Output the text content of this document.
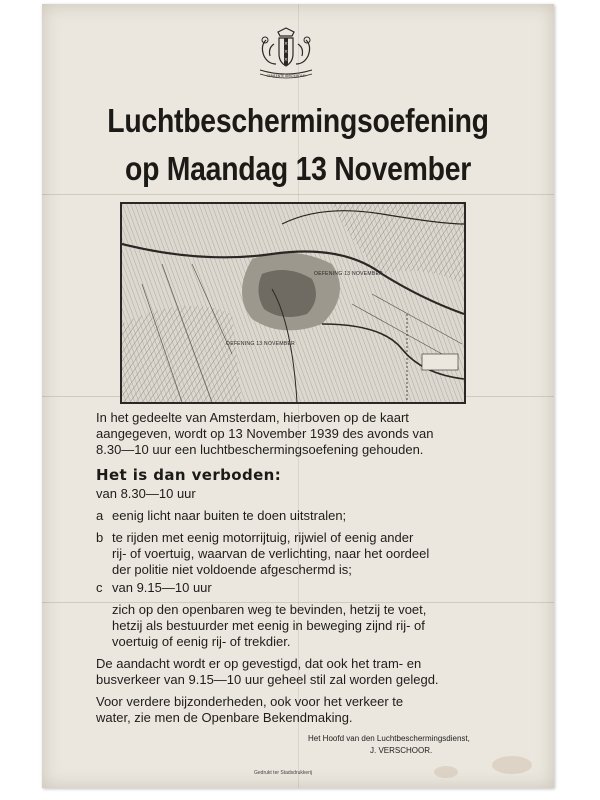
×
×
×
GEMEENTE AMSTERDAM
Luchtbeschermingsoefening
op Maandag 13 November
OEFENING 13 NOVEMBER
OEFENING 13 NOVEMBER
In het gedeelte van Amsterdam, hierboven op de kaart
aangegeven, wordt op 13 November 1939 des avonds van
8.30—10 uur een luchtbeschermingsoefening gehouden.
Het is dan verboden:
van 8.30—10 uur
a eenig licht naar buiten te doen uitstralen;
b te rijden met eenig motorrijtuig, rijwiel of eenig ander
rij- of voertuig, waarvan de verlichting, naar het oordeel
der politie niet voldoende afgeschermd is;
c van 9.15—10 uur
zich op den openbaren weg te bevinden, hetzij te voet,
hetzij als bestuurder met eenig in beweging zijnd rij- of
voertuig of eenig rij- of trekdier.
De aandacht wordt er op gevestigd, dat ook het tram- en
busverkeer van 9.15—10 uur geheel stil zal worden gelegd.
Voor verdere bijzonderheden, ook voor het verkeer te
water, zie men de Openbare Bekendmaking.
Het Hoofd van den Luchtbeschermingsdienst,
J. VERSCHOOR.
Gedrukt ter Stadsdrukkerij
